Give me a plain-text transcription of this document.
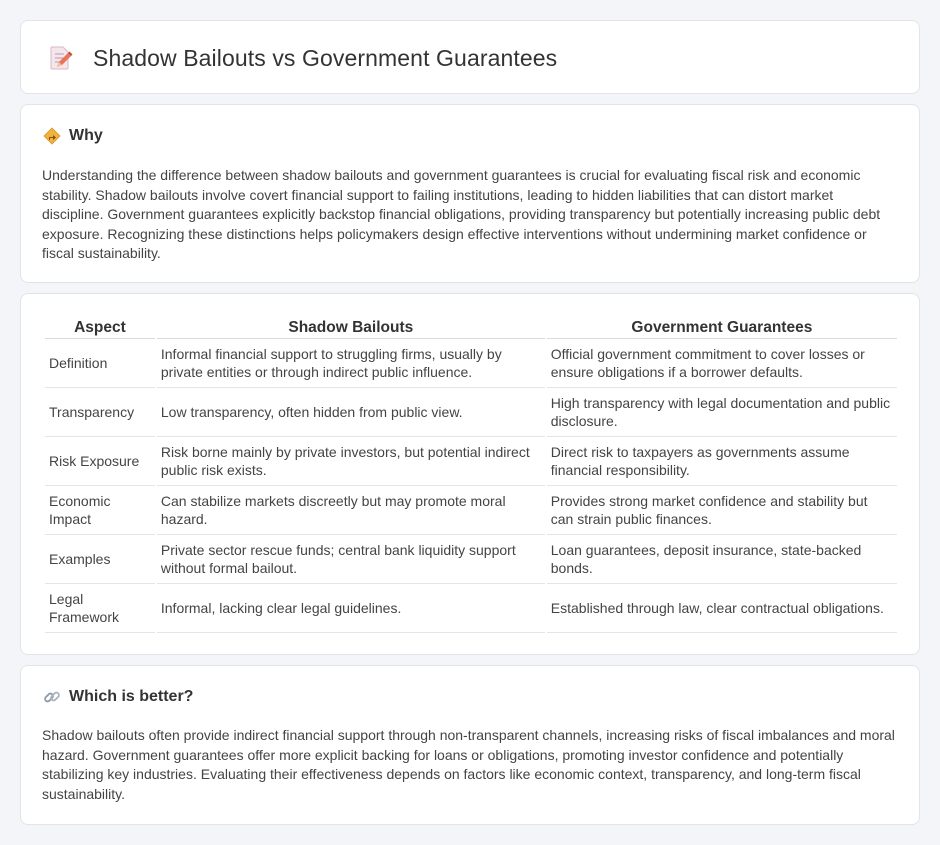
Shadow Bailouts vs Government Guarantees
Why

Understanding the difference between shadow bailouts and government guarantees is crucial for evaluating fiscal risk and economic stability. Shadow bailouts involve covert financial support to failing institutions, leading to hidden liabilities that can distort market discipline. Government guarantees explicitly backstop financial obligations, providing transparency but potentially increasing public debt exposure. Recognizing these distinctions helps policymakers design effective interventions without undermining market confidence or fiscal sustainability.

Aspect	Shadow Bailouts	Government Guarantees
Definition	Informal financial support to struggling firms, usually by private entities or through indirect public influence.	Official government commitment to cover losses or ensure obligations if a borrower defaults.
Transparency	Low transparency, often hidden from public view.	High transparency with legal documentation and public disclosure.
Risk Exposure	Risk borne mainly by private investors, but potential indirect public risk exists.	Direct risk to taxpayers as governments assume financial responsibility.
Economic Impact	Can stabilize markets discreetly but may promote moral hazard.	Provides strong market confidence and stability but can strain public finances.
Examples	Private sector rescue funds; central bank liquidity support without formal bailout.	Loan guarantees, deposit insurance, state-backed bonds.
Legal Framework	Informal, lacking clear legal guidelines.	Established through law, clear contractual obligations.
Which is better?

Shadow bailouts often provide indirect financial support through non-transparent channels, increasing risks of fiscal imbalances and moral hazard. Government guarantees offer more explicit backing for loans or obligations, promoting investor confidence and potentially stabilizing key industries. Evaluating their effectiveness depends on factors like economic context, transparency, and long-term fiscal sustainability.
